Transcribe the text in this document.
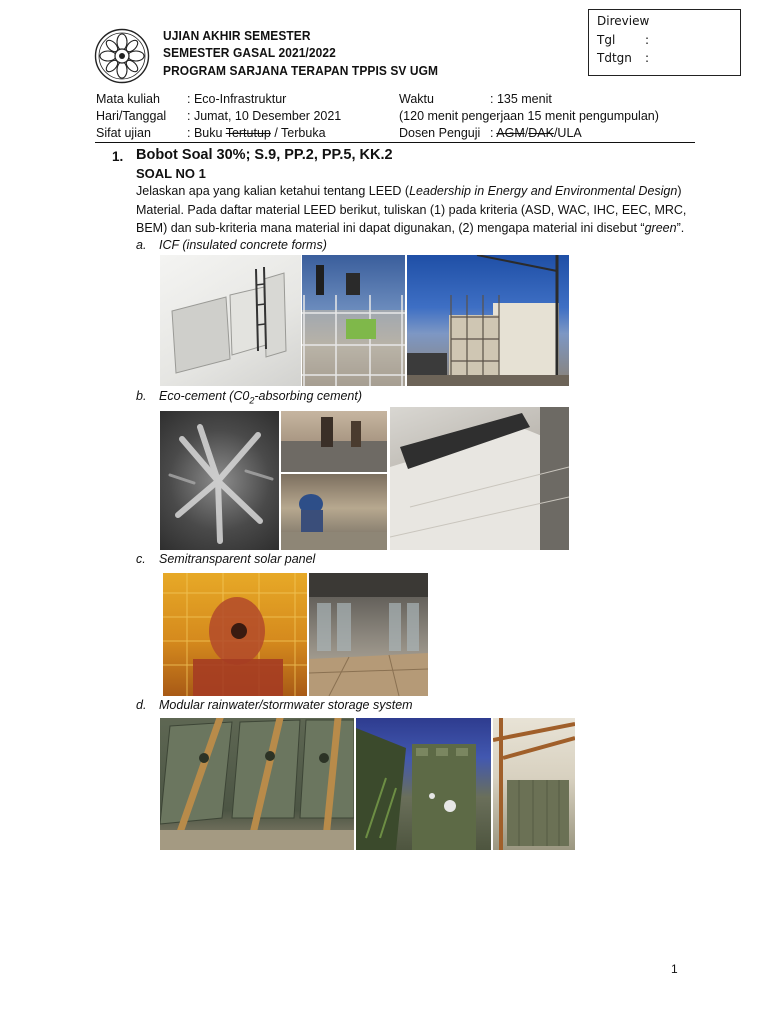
UJIAN AKHIR SEMESTER
SEMESTER GASAL 2021/2022
PROGRAM SARJANA TERAPAN TPPIS SV UGM
Direview
Tgl :
Tdtgn :
Mata kuliah : Eco-Infrastruktur
Hari/Tanggal : Jumat, 10 Desember 2021
Sifat ujian	: Buku Tertutup / Terbuka
Waktu	: 135 menit
(120 menit pengerjaan 15 menit pengumpulan)
Dosen Penguji : AGM/DAK/ULA
1. Bobot Soal 30%; S.9, PP.2, PP.5, KK.2
SOAL NO 1
Jelaskan apa yang kalian ketahui tentang LEED (Leadership in Energy and Environmental Design)
Material. Pada daftar material LEED berikut, tuliskan (1) pada kriteria (ASD, WAC, IHC, EEC, MRC,
BEM) dan sub-kriteria mana material ini dapat digunakan, (2) mengapa material ini disebut “green”.
a. ICF (insulated concrete forms)
b. Eco-cement ($C0_2$-absorbing cement)
c. Semitransparent solar panel
d. Modular rainwater/stormwater storage system
1
